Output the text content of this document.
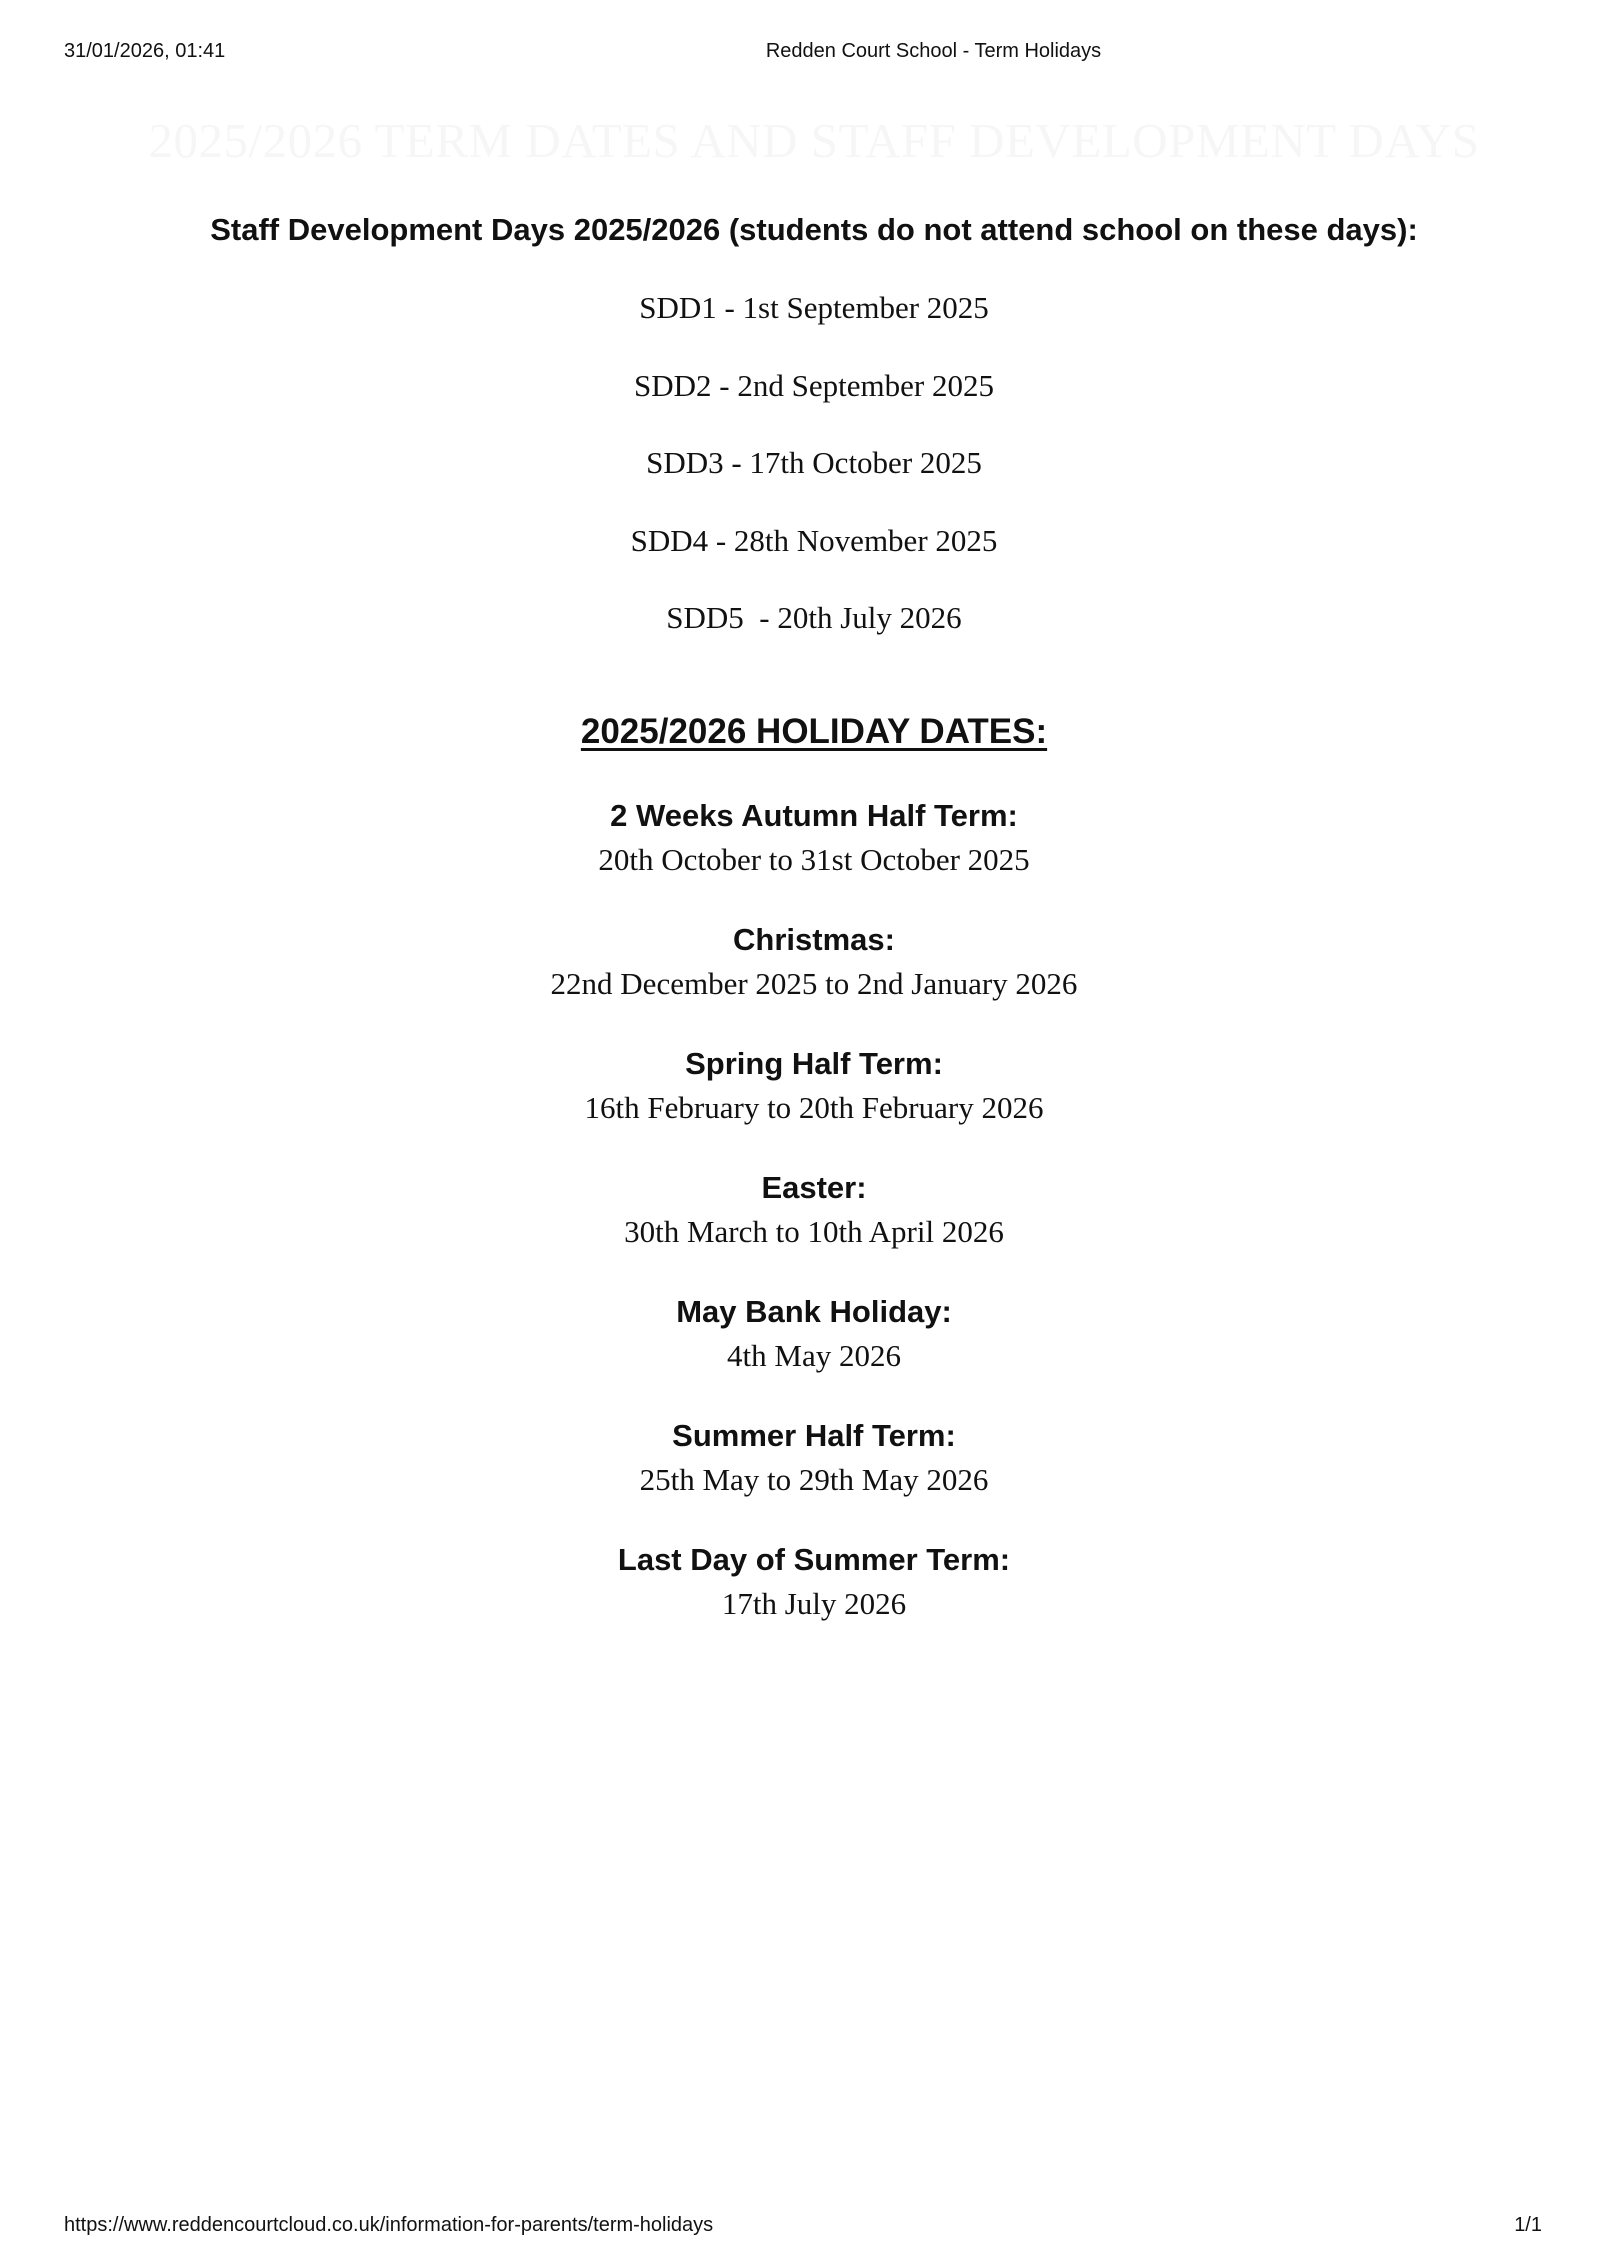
31/01/2026, 01:41	Redden Court School - Term Holidays
2025/2026 TERM DATES AND STAFF DEVELOPMENT DAYS
Staff Development Days 2025/2026 (students do not attend school on these days):
SDD1 - 1st September 2025
SDD2 - 2nd September 2025
SDD3 - 17th October 2025
SDD4 - 28th November 2025
SDD5  - 20th July 2026
2025/2026 HOLIDAY DATES:
2 Weeks Autumn Half Term:
20th October to 31st October 2025
Christmas:
22nd December 2025 to 2nd January 2026
Spring Half Term:
16th February to 20th February 2026
Easter:
30th March to 10th April 2026
May Bank Holiday:
4th May 2026
Summer Half Term:
25th May to 29th May 2026
Last Day of Summer Term:
17th July 2026
https://www.reddencourtcloud.co.uk/information-for-parents/term-holidays	1/1
